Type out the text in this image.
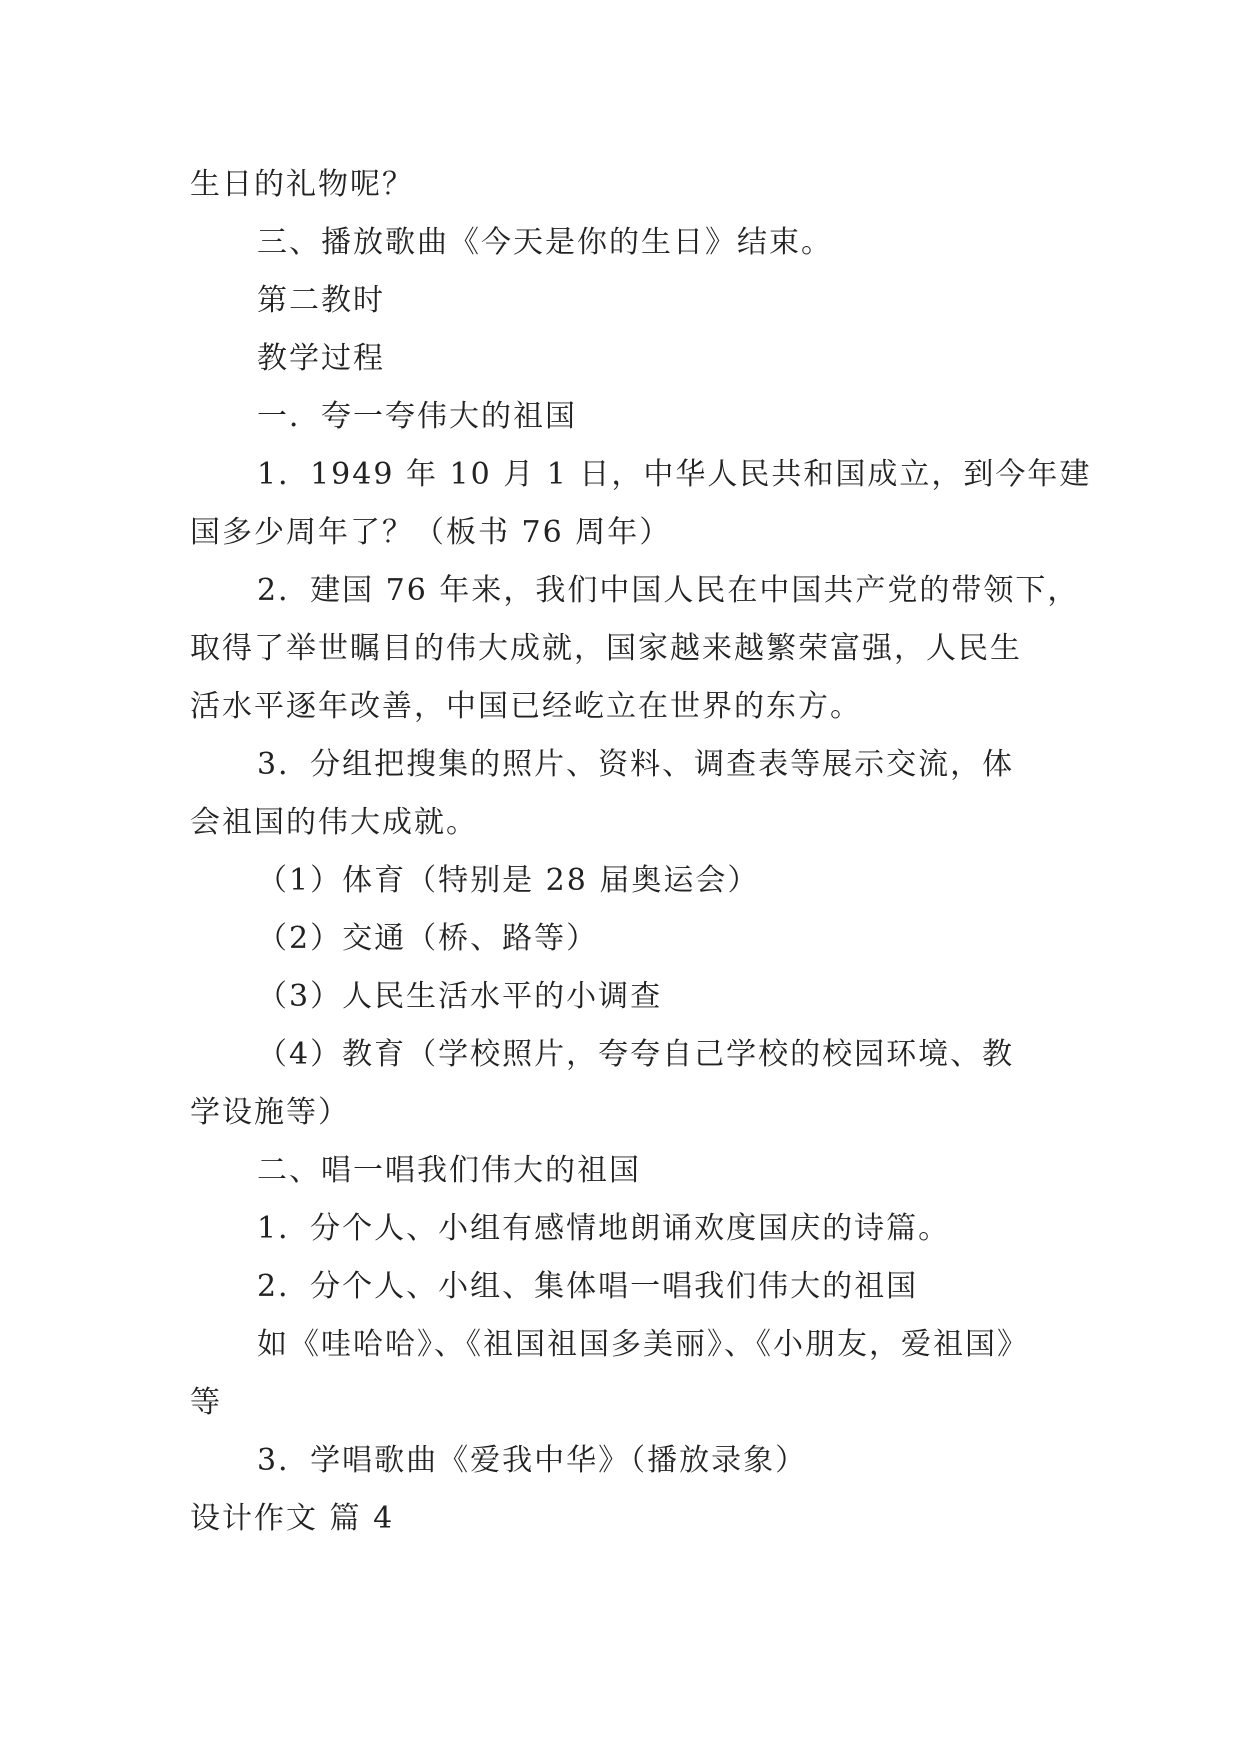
生日的礼物呢？
三、播放歌曲《今天是你的生日》结束。
第二教时
教学过程
一．夸一夸伟大的祖国
1．1949 年 10 月 1 日，中华人民共和国成立，到今年建
国多少周年了？（板书 76 周年）
2．建国 76 年来，我们中国人民在中国共产党的带领下，
取得了举世瞩目的伟大成就，国家越来越繁荣富强，人民生
活水平逐年改善，中国已经屹立在世界的东方。
3．分组把搜集的照片、资料、调查表等展示交流，体
会祖国的伟大成就。
（1）体育（特别是 28 届奥运会）
（2）交通（桥、路等）
（3）人民生活水平的小调查
（4）教育（学校照片，夸夸自己学校的校园环境、教
学设施等）
二、唱一唱我们伟大的祖国
1．分个人、小组有感情地朗诵欢度国庆的诗篇。
2．分个人、小组、集体唱一唱我们伟大的祖国
如《哇哈哈》、《祖国祖国多美丽》、《小朋友，爱祖国》
等
3．学唱歌曲《爱我中华》（播放录象）
设计作文 篇 4
